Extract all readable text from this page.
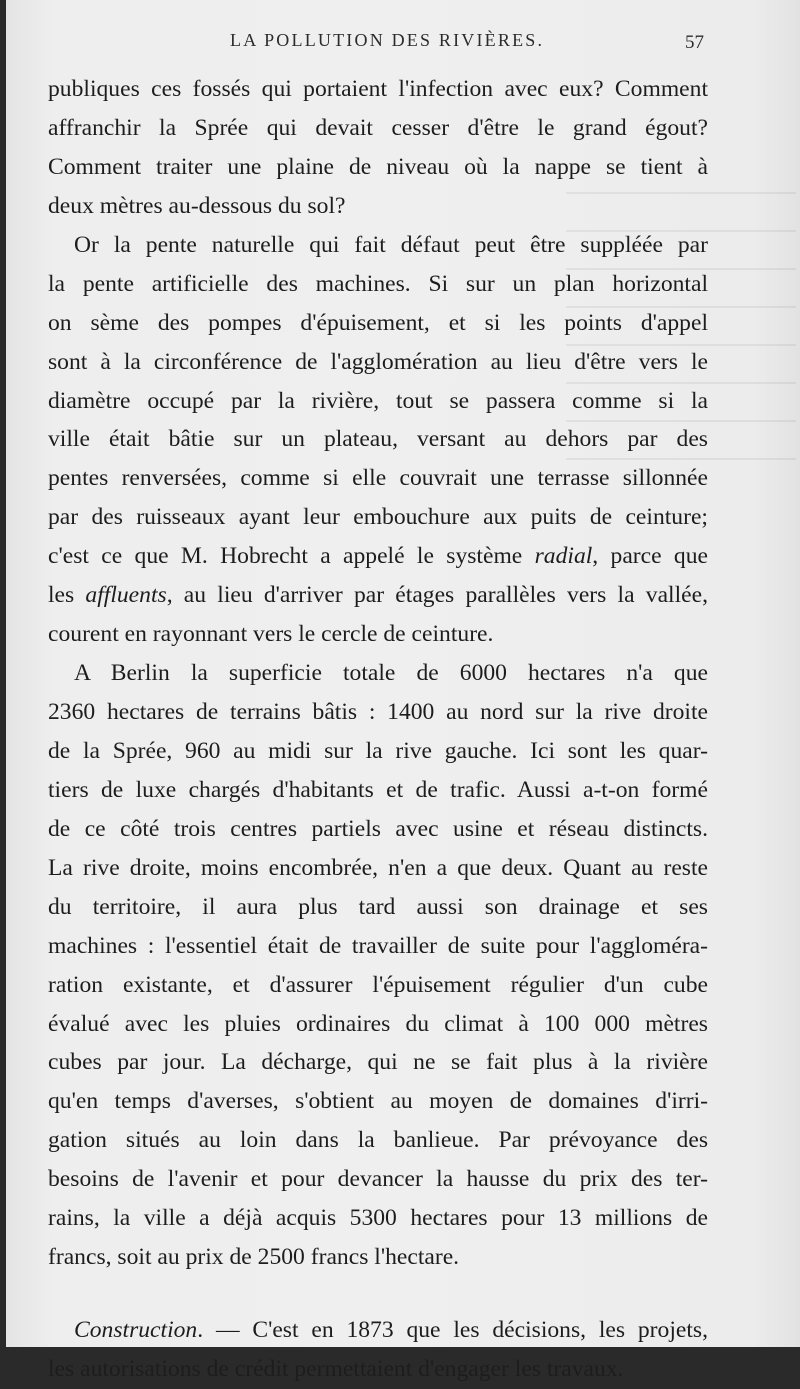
LA POLLUTION DES RIVIÈRES.	57
publiques ces fossés qui portaient l'infection avec eux? Comment
affranchir la Sprée qui devait cesser d'être le grand égout?
Comment traiter une plaine de niveau où la nappe se tient à
deux mètres au-dessous du sol?
Or la pente naturelle qui fait défaut peut être suppléée par
la pente artificielle des machines. Si sur un plan horizontal
on sème des pompes d'épuisement, et si les points d'appel
sont à la circonférence de l'agglomération au lieu d'être vers le
diamètre occupé par la rivière, tout se passera comme si la
ville était bâtie sur un plateau, versant au dehors par des
pentes renversées, comme si elle couvrait une terrasse sillonnée
par des ruisseaux ayant leur embouchure aux puits de ceinture;
c'est ce que M. Hobrecht a appelé le système radial, parce que
les affluents, au lieu d'arriver par étages parallèles vers la vallée,
courent en rayonnant vers le cercle de ceinture.
A Berlin la superficie totale de 6000 hectares n'a que
2360 hectares de terrains bâtis : 1400 au nord sur la rive droite
de la Sprée, 960 au midi sur la rive gauche. Ici sont les quar-
tiers de luxe chargés d'habitants et de trafic. Aussi a-t-on formé
de ce côté trois centres partiels avec usine et réseau distincts.
La rive droite, moins encombrée, n'en a que deux. Quant au reste
du territoire, il aura plus tard aussi son drainage et ses
machines : l'essentiel était de travailler de suite pour l'aggloméra-
ration existante, et d'assurer l'épuisement régulier d'un cube
évalué avec les pluies ordinaires du climat à 100 000 mètres
cubes par jour. La décharge, qui ne se fait plus à la rivière
qu'en temps d'averses, s'obtient au moyen de domaines d'irri-
gation situés au loin dans la banlieue. Par prévoyance des
besoins de l'avenir et pour devancer la hausse du prix des ter-
rains, la ville a déjà acquis 5300 hectares pour 13 millions de
francs, soit au prix de 2500 francs l'hectare.
Construction. — C'est en 1873 que les décisions, les projets,
les autorisations de crédit permettaient d'engager les travaux.
